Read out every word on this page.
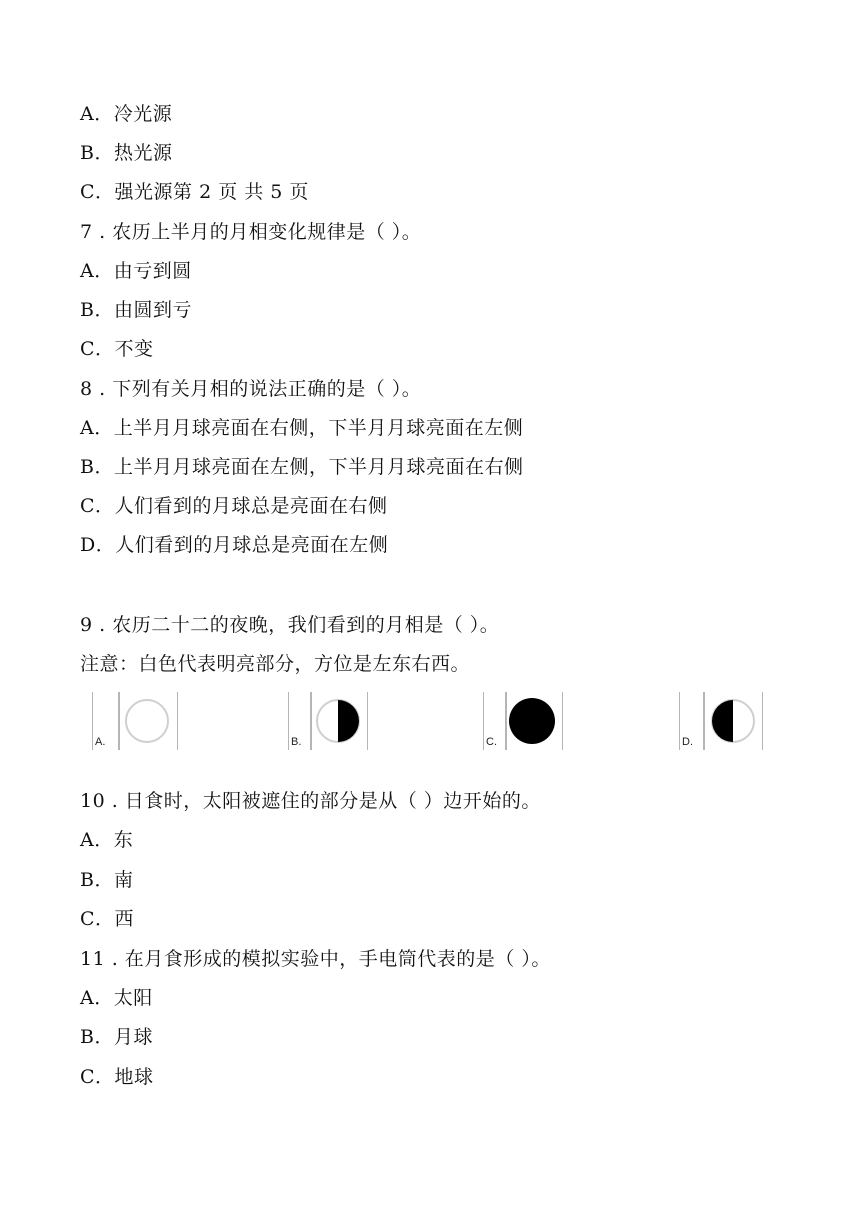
A．冷光源
B．热光源
C．强光源第 2 页 共 5 页
7 . 农历上半月的月相变化规律是（ ）。
A．由亏到圆
B．由圆到亏
C．不变
8 . 下列有关月相的说法正确的是（ ）。
A．上半月月球亮面在右侧，下半月月球亮面在左侧
B．上半月月球亮面在左侧，下半月月球亮面在右侧
C．人们看到的月球总是亮面在右侧
D．人们看到的月球总是亮面在左侧
9 . 农历二十二的夜晚，我们看到的月相是（ ）。
注意：白色代表明亮部分，方位是左东右西。
A.	B.	C.	D.
10 . 日食时，太阳被遮住的部分是从（ ）边开始的。
A．东
B．南
C．西
11 . 在月食形成的模拟实验中，手电筒代表的是（ ）。
A．太阳
B．月球
C．地球
